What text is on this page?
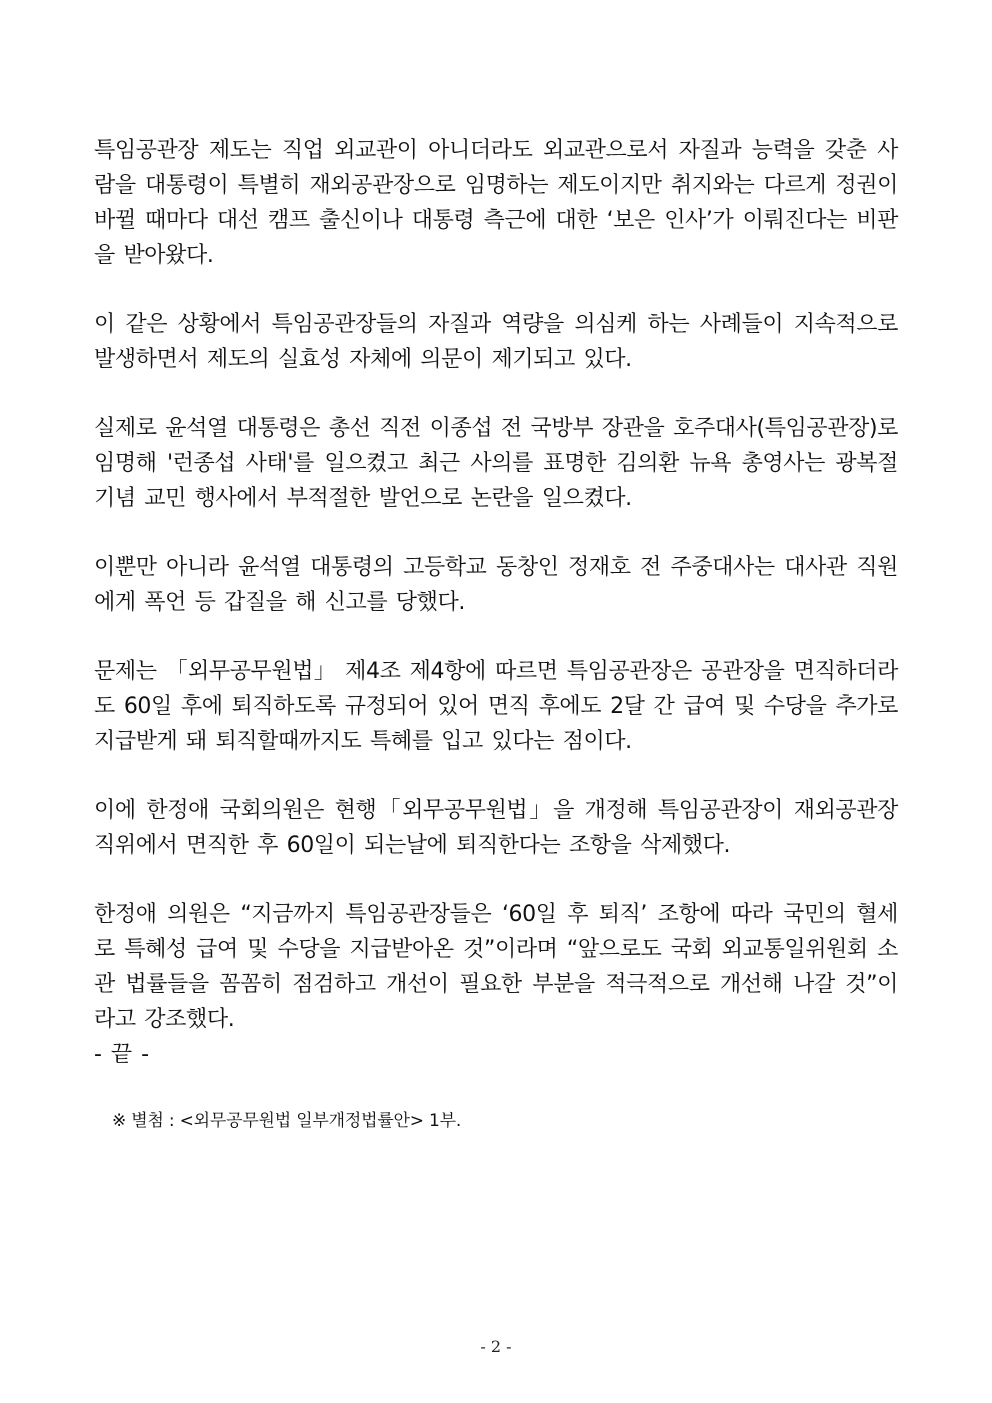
특임공관장 제도는 직업 외교관이 아니더라도 외교관으로서 자질과 능력을 갖춘 사람을 대통령이 특별히 재외공관장으로 임명하는 제도이지만 취지와는 다르게 정권이 바뀔 때마다 대선 캠프 출신이나 대통령 측근에 대한 ‘보은 인사’가 이뤄진다는 비판을 받아왔다.

이 같은 상황에서 특임공관장들의 자질과 역량을 의심케 하는 사례들이 지속적으로 발생하면서 제도의 실효성 자체에 의문이 제기되고 있다.

실제로 윤석열 대통령은 총선 직전 이종섭 전 국방부 장관을 호주대사(특임공관장)로 임명해 '런종섭 사태'를 일으켰고 최근 사의를 표명한 김의환 뉴욕 총영사는 광복절 기념 교민 행사에서 부적절한 발언으로 논란을 일으켰다.

이뿐만 아니라 윤석열 대통령의 고등학교 동창인 정재호 전 주중대사는 대사관 직원에게 폭언 등 갑질을 해 신고를 당했다.

문제는 「외무공무원법」 제4조 제4항에 따르면 특임공관장은 공관장을 면직하더라도 60일 후에 퇴직하도록 규정되어 있어 면직 후에도 2달 간 급여 및 수당을 추가로 지급받게 돼 퇴직할때까지도 특혜를 입고 있다는 점이다.

이에 한정애 국회의원은 현행「외무공무원법」을 개정해 특임공관장이 재외공관장 직위에서 면직한 후 60일이 되는날에 퇴직한다는 조항을 삭제했다.

한정애 의원은 “지금까지 특임공관장들은 ‘60일 후 퇴직’ 조항에 따라 국민의 혈세로 특혜성 급여 및 수당을 지급받아온 것”이라며 “앞으로도 국회 외교통일위원회 소관 법률들을 꼼꼼히 점검하고 개선이 필요한 부분을 적극적으로 개선해 나갈 것”이라고 강조했다.

- 끝 -

※ 별첨 : <외무공무원법 일부개정법률안> 1부.
- 2 -
